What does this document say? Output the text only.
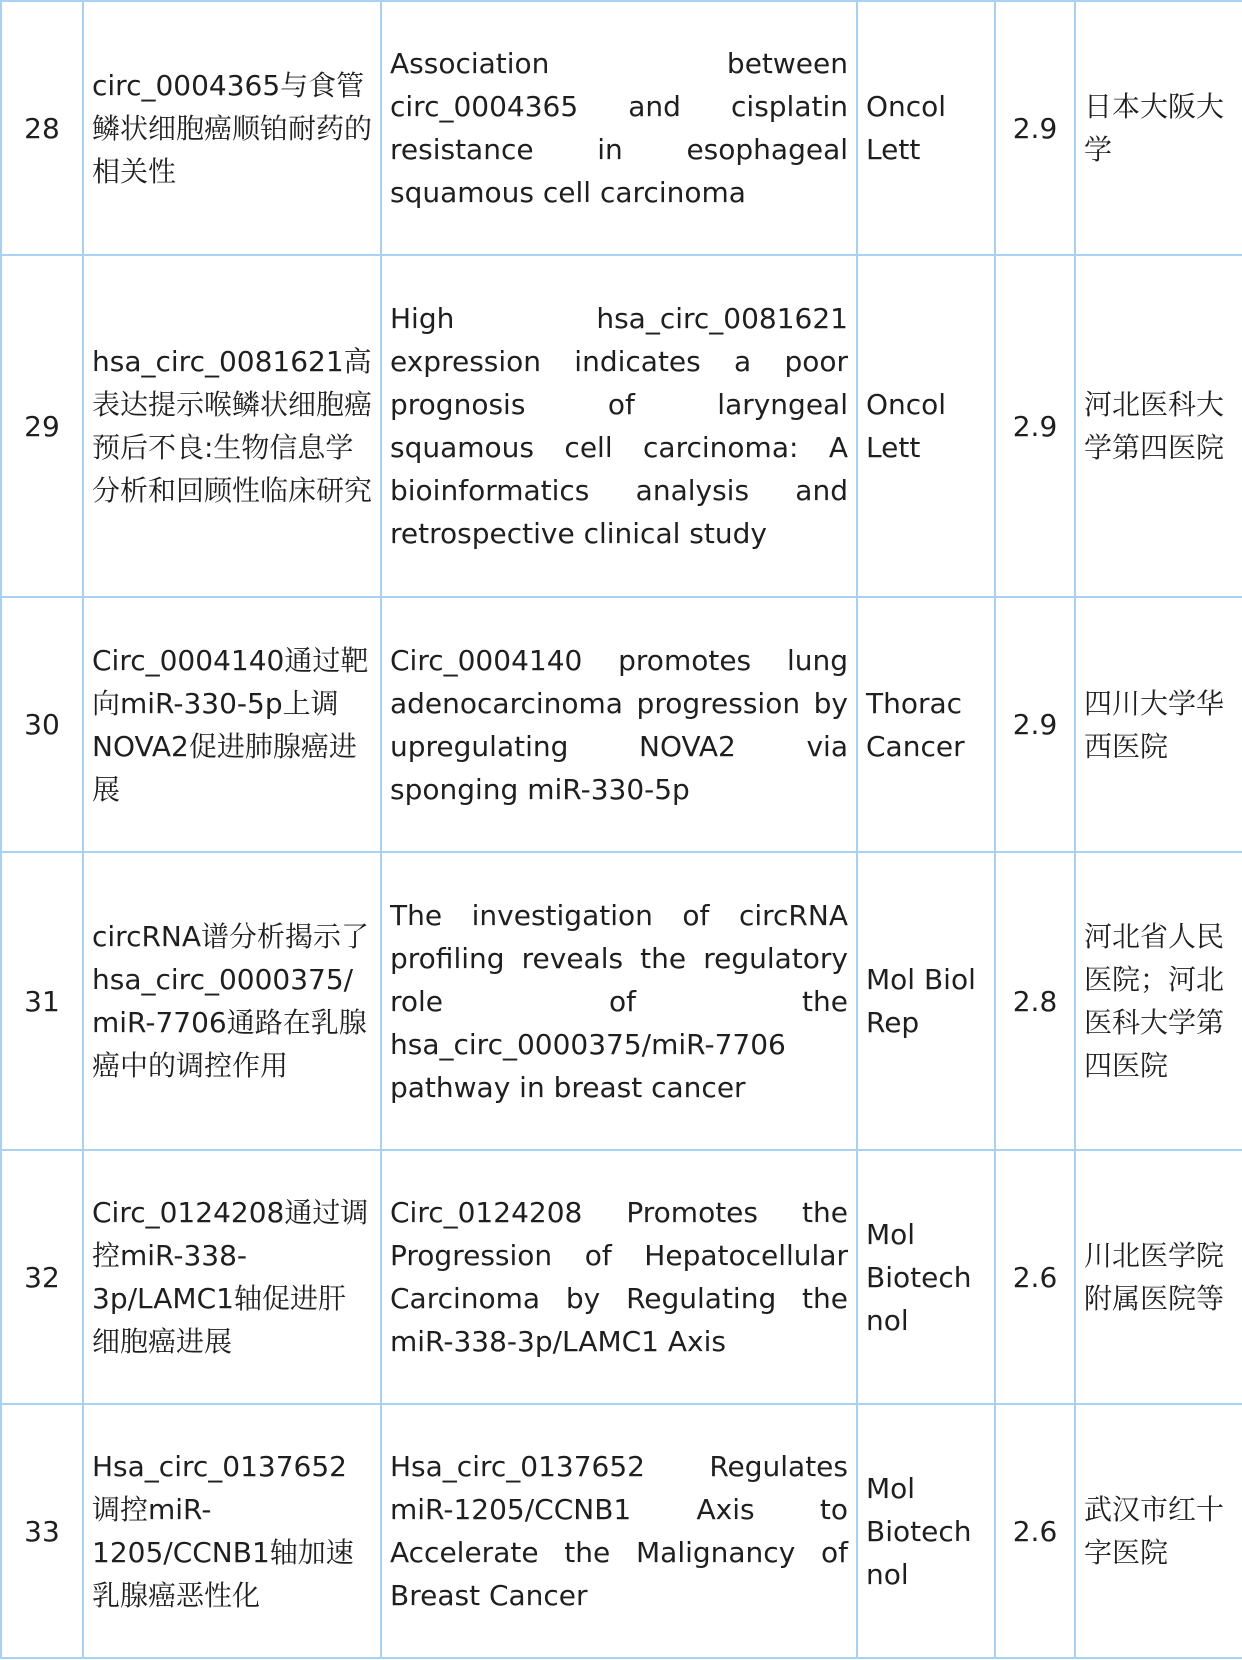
28	circ_0004365与食管鳞状细胞癌顺铂耐药的相关性	Association between circ_0004365 and cisplatin resistance in esophageal squamous cell carcinoma	Oncol Lett	2.9	日本大阪大学
29	hsa_circ_0081621高表达提示喉鳞状细胞癌预后不良:生物信息学分析和回顾性临床研究	High hsa_circ_0081621 expression indicates a poor prognosis of laryngeal squamous cell carcinoma: A bioinformatics analysis and retrospective clinical study	Oncol Lett	2.9	河北医科大学第四医院
30	Circ_0004140通过靶向miR-330-5p上调NOVA2促进肺腺癌进展	Circ_0004140 promotes lung adenocarcinoma progression by upregulating NOVA2 via sponging miR-330-5p	Thorac Cancer	2.9	四川大学华西医院
31	circRNA谱分析揭示了hsa_circ_0000375/miR-7706通路在乳腺癌中的调控作用	The investigation of circRNA profiling reveals the regulatory role of the hsa_circ_0000375/miR-7706 pathway in breast cancer	Mol Biol Rep	2.8	河北省人民医院；河北医科大学第四医院
32	Circ_0124208通过调控miR-338-3p/LAMC1轴促进肝细胞癌进展	Circ_0124208 Promotes the Progression of Hepatocellular Carcinoma by Regulating the miR-338-3p/LAMC1 Axis	Mol Biotechnol	2.6	川北医学院附属医院等
33	Hsa_circ_0137652调控miR-1205/CCNB1轴加速乳腺癌恶性化	Hsa_circ_0137652 Regulates miR-1205/CCNB1 Axis to Accelerate the Malignancy of Breast Cancer	Mol Biotechnol	2.6	武汉市红十字医院
